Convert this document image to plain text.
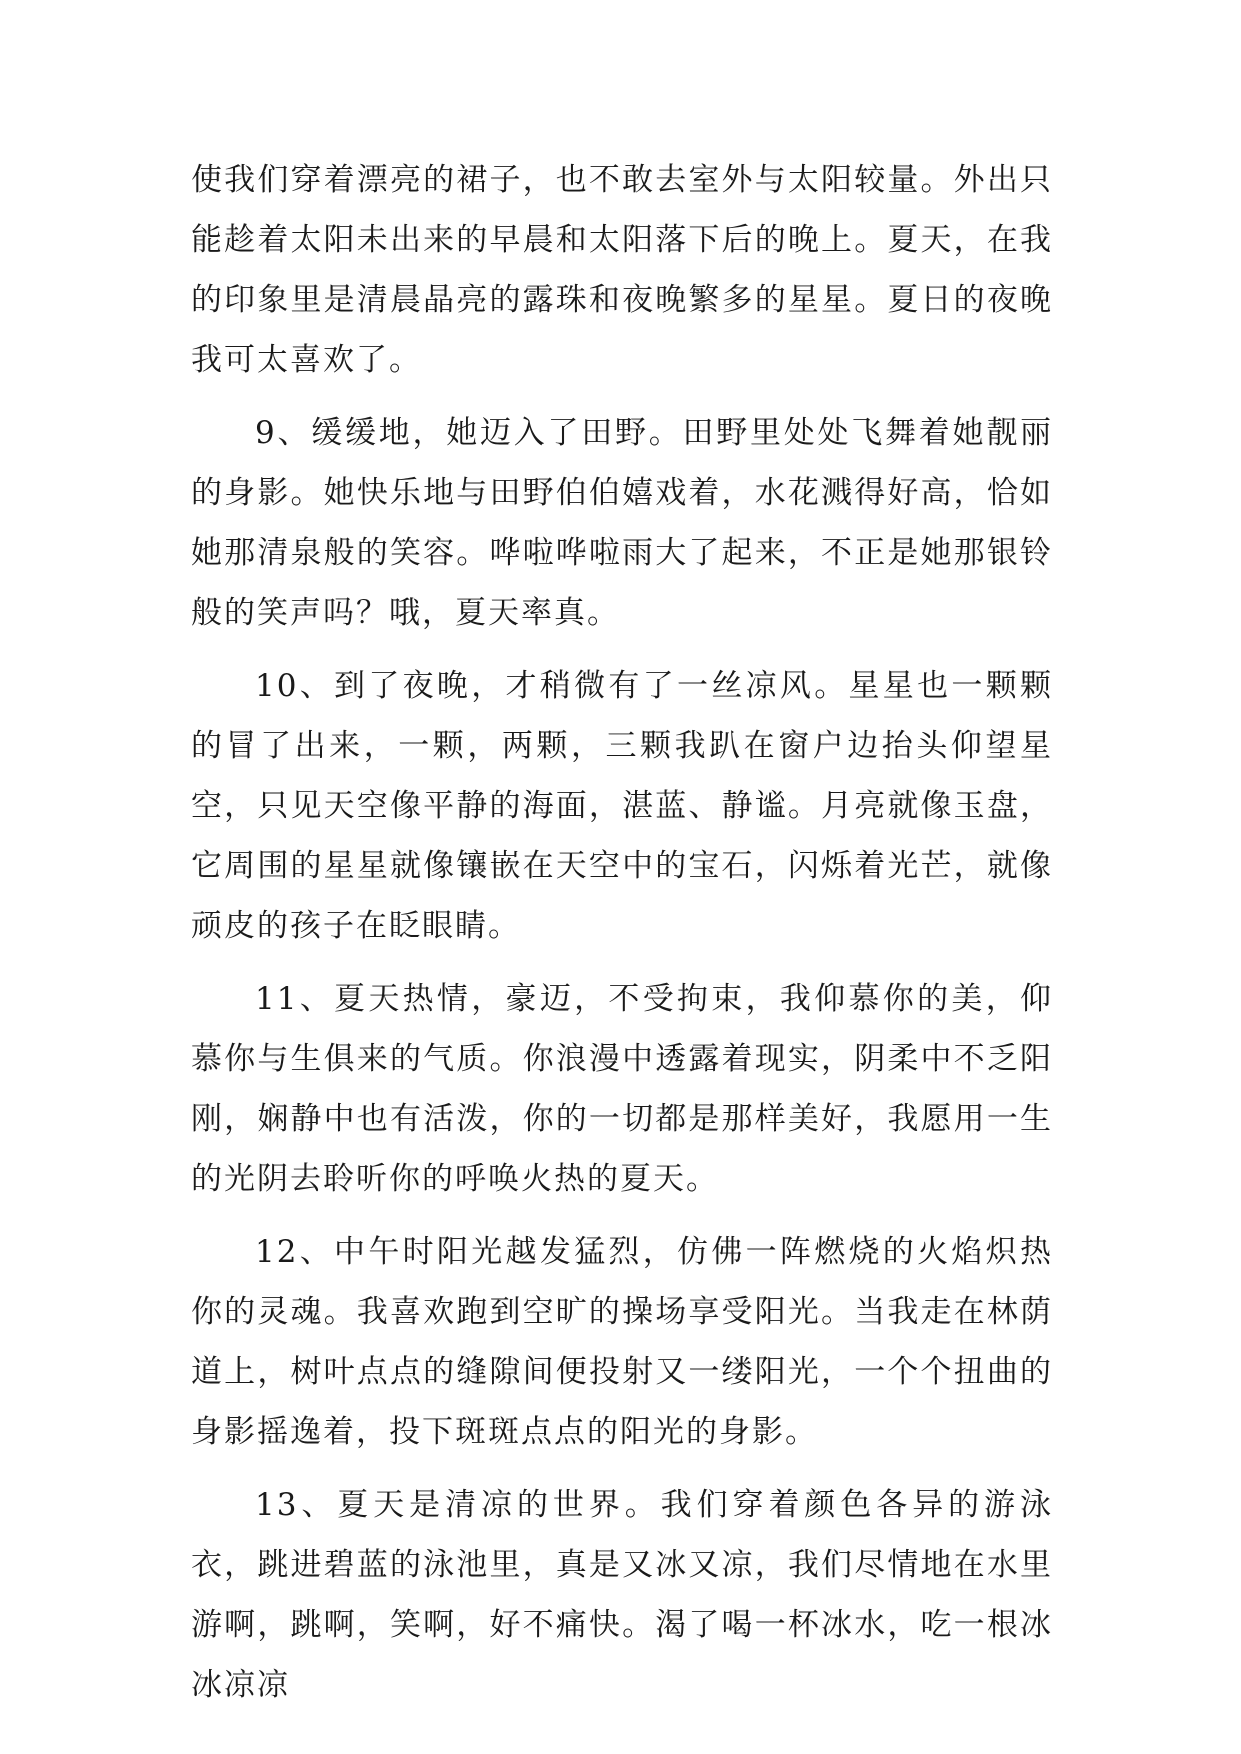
使我们穿着漂亮的裙子，也不敢去室外与太阳较量。外出只能趁着太阳未出来的早晨和太阳落下后的晚上。夏天，在我的印象里是清晨晶亮的露珠和夜晚繁多的星星。夏日的夜晚我可太喜欢了。

9、缓缓地，她迈入了田野。田野里处处飞舞着她靓丽的身影。她快乐地与田野伯伯嬉戏着，水花溅得好高，恰如她那清泉般的笑容。哗啦哗啦雨大了起来，不正是她那银铃般的笑声吗？哦，夏天率真。

10、到了夜晚，才稍微有了一丝凉风。星星也一颗颗的冒了出来，一颗，两颗，三颗我趴在窗户边抬头仰望星空，只见天空像平静的海面，湛蓝、静谧。月亮就像玉盘，它周围的星星就像镶嵌在天空中的宝石，闪烁着光芒，就像顽皮的孩子在眨眼睛。

11、夏天热情，豪迈，不受拘束，我仰慕你的美，仰慕你与生俱来的气质。你浪漫中透露着现实，阴柔中不乏阳刚，娴静中也有活泼，你的一切都是那样美好，我愿用一生的光阴去聆听你的呼唤火热的夏天。

12、中午时阳光越发猛烈，仿佛一阵燃烧的火焰炽热你的灵魂。我喜欢跑到空旷的操场享受阳光。当我走在林荫道上，树叶点点的缝隙间便投射又一缕阳光，一个个扭曲的身影摇逸着，投下斑斑点点的阳光的身影。

13、夏天是清凉的世界。我们穿着颜色各异的游泳衣，跳进碧蓝的泳池里，真是又冰又凉，我们尽情地在水里游啊，跳啊，笑啊，好不痛快。渴了喝一杯冰水，吃一根冰冰凉凉
